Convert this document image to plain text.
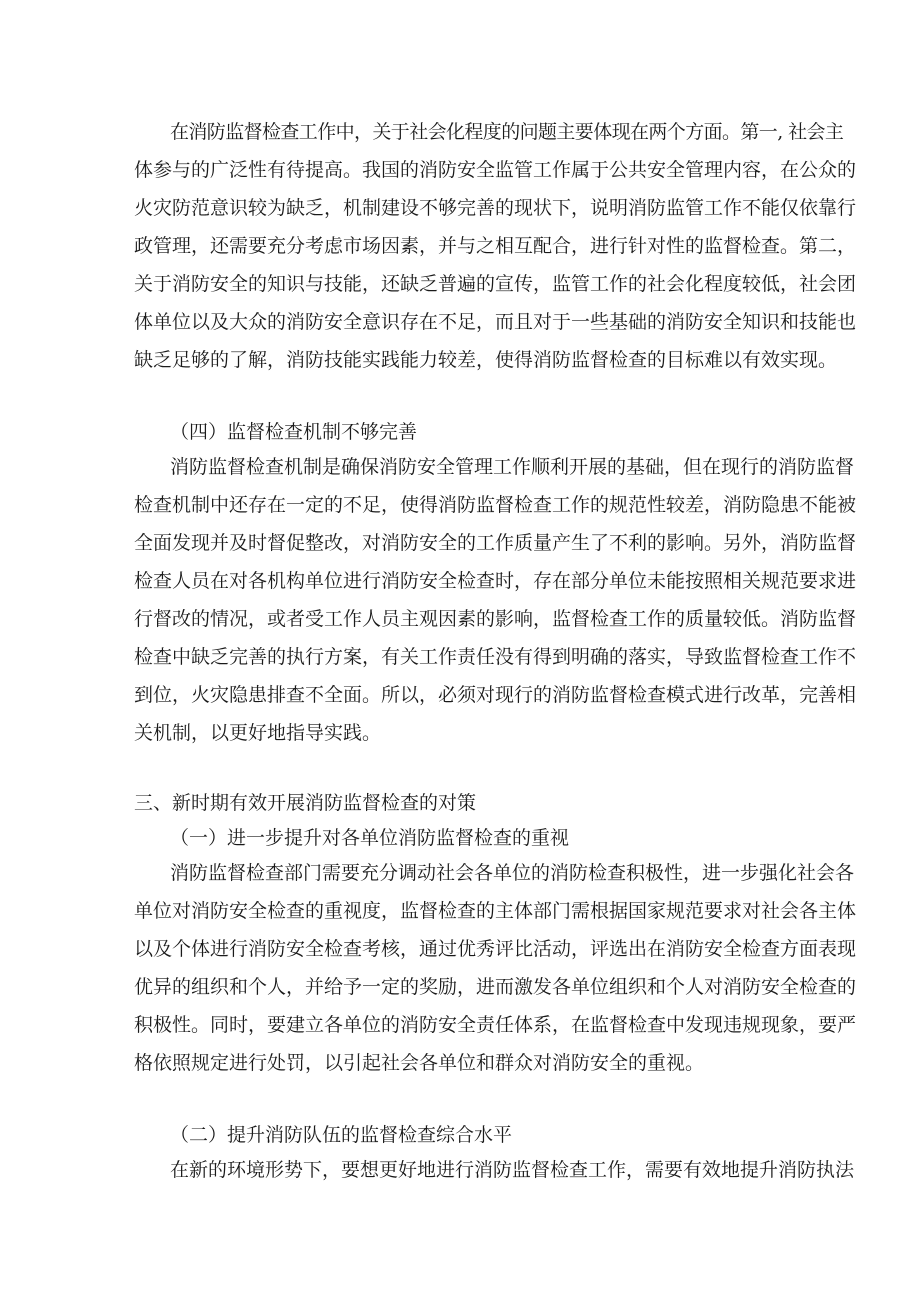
在消防监督检查工作中，关于社会化程度的问题主要体现在两个方面。第一, 社会主
体参与的广泛性有待提高。我国的消防安全监管工作属于公共安全管理内容，在公众的
火灾防范意识较为缺乏，机制建设不够完善的现状下，说明消防监管工作不能仅依靠行
政管理，还需要充分考虑市场因素，并与之相互配合，进行针对性的监督检查。第二，
关于消防安全的知识与技能，还缺乏普遍的宣传，监管工作的社会化程度较低，社会团
体单位以及大众的消防安全意识存在不足，而且对于一些基础的消防安全知识和技能也
缺乏足够的了解，消防技能实践能力较差，使得消防监督检查的目标难以有效实现。
（四）监督检查机制不够完善
消防监督检查机制是确保消防安全管理工作顺利开展的基础，但在现行的消防监督
检查机制中还存在一定的不足，使得消防监督检查工作的规范性较差，消防隐患不能被
全面发现并及时督促整改，对消防安全的工作质量产生了不利的影响。另外，消防监督
检查人员在对各机构单位进行消防安全检查时，存在部分单位未能按照相关规范要求进
行督改的情况，或者受工作人员主观因素的影响，监督检查工作的质量较低。消防监督
检查中缺乏完善的执行方案，有关工作责任没有得到明确的落实，导致监督检查工作不
到位，火灾隐患排查不全面。所以，必须对现行的消防监督检查模式进行改革，完善相
关机制，以更好地指导实践。
三、新时期有效开展消防监督检查的对策
（一）进一步提升对各单位消防监督检查的重视
消防监督检查部门需要充分调动社会各单位的消防检查积极性，进一步强化社会各
单位对消防安全检查的重视度，监督检查的主体部门需根据国家规范要求对社会各主体
以及个体进行消防安全检查考核，通过优秀评比活动，评选出在消防安全检查方面表现
优异的组织和个人，并给予一定的奖励，进而激发各单位组织和个人对消防安全检查的
积极性。同时，要建立各单位的消防安全责任体系，在监督检查中发现违规现象，要严
格依照规定进行处罚，以引起社会各单位和群众对消防安全的重视。
（二）提升消防队伍的监督检查综合水平
在新的环境形势下，要想更好地进行消防监督检查工作，需要有效地提升消防执法
